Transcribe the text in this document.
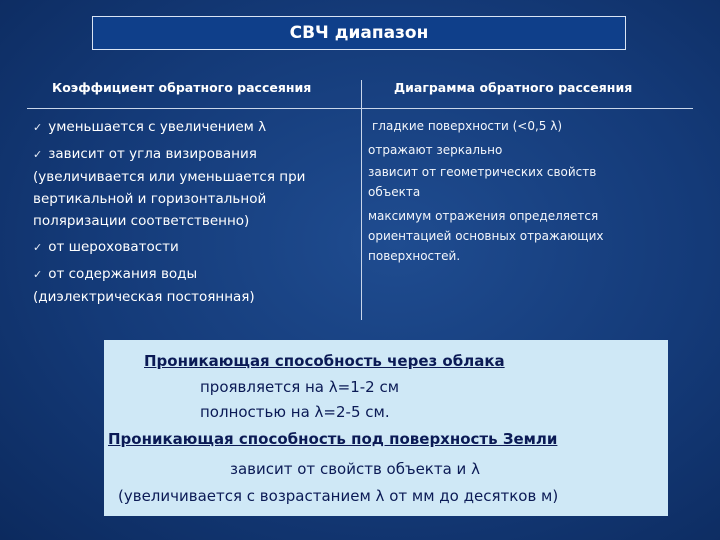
СВЧ диапазон
Коэффициент обратного рассеяния	Диаграмма обратного рассеяния
✓ уменьшается с увеличением λ
✓ зависит от угла визирования
(увеличивается или уменьшается при
вертикальной и горизонтальной
поляризации соответственно)
✓ от шероховатости
✓ от содержания воды
(диэлектрическая постоянная)
гладкие поверхности (<0,5 λ)
отражают зеркально
зависит от геометрических свойств
объекта
максимум отражения определяется
ориентацией основных отражающих
поверхностей.
Проникающая способность через облака
проявляется на λ=1-2 см
полностью на λ=2-5 см.
Проникающая способность под поверхность Земли
зависит от свойств объекта и λ
(увеличивается с возрастанием λ от мм до десятков м)
